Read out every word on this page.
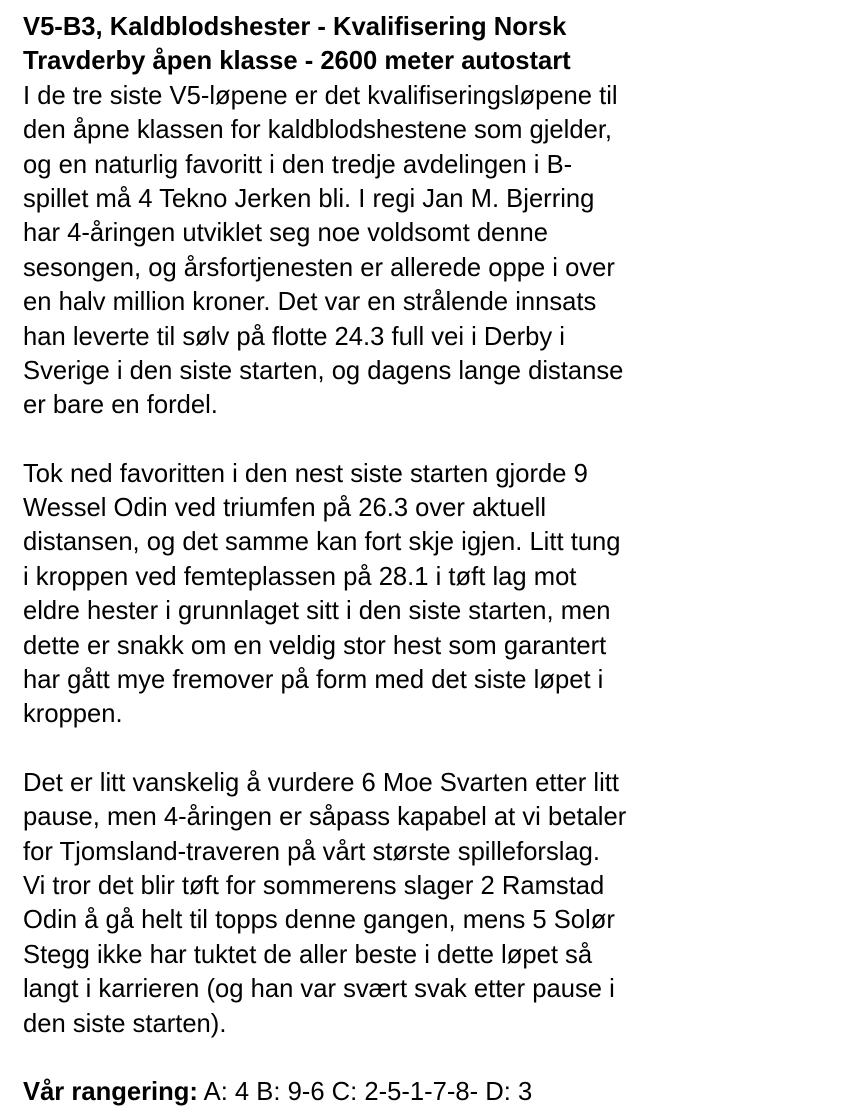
V5-B3, Kaldblodshester - Kvalifisering Norsk
Travderby åpen klasse - 2600 meter autostart
I de tre siste V5-løpene er det kvalifiseringsløpene til
den åpne klassen for kaldblodshestene som gjelder,
og en naturlig favoritt i den tredje avdelingen i B-
spillet må 4 Tekno Jerken bli. I regi Jan M. Bjerring
har 4-åringen utviklet seg noe voldsomt denne
sesongen, og årsfortjenesten er allerede oppe i over
en halv million kroner. Det var en strålende innsats
han leverte til sølv på flotte 24.3 full vei i Derby i
Sverige i den siste starten, og dagens lange distanse
er bare en fordel.
Tok ned favoritten i den nest siste starten gjorde 9
Wessel Odin ved triumfen på 26.3 over aktuell
distansen, og det samme kan fort skje igjen. Litt tung
i kroppen ved femteplassen på 28.1 i tøft lag mot
eldre hester i grunnlaget sitt i den siste starten, men
dette er snakk om en veldig stor hest som garantert
har gått mye fremover på form med det siste løpet i
kroppen.
Det er litt vanskelig å vurdere 6 Moe Svarten etter litt
pause, men 4-åringen er såpass kapabel at vi betaler
for Tjomsland-traveren på vårt største spilleforslag.
Vi tror det blir tøft for sommerens slager 2 Ramstad
Odin å gå helt til topps denne gangen, mens 5 Solør
Stegg ikke har tuktet de aller beste i dette løpet så
langt i karrieren (og han var svært svak etter pause i
den siste starten).
Vår rangering: A: 4 B: 9-6 C: 2-5-1-7-8- D: 3
